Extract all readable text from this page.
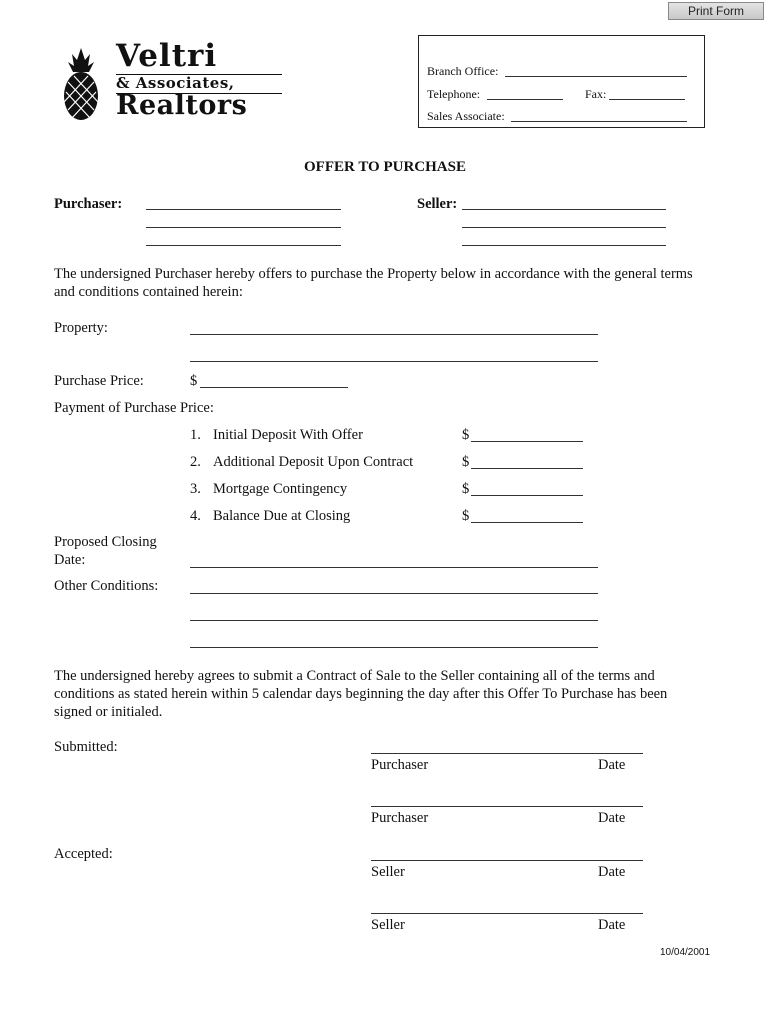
Print Form
Veltri
& Associates,
Realtors
Branch Office:
Telephone:	Fax:
Sales Associate:
OFFER TO PURCHASE
Purchaser:	Seller:
The undersigned Purchaser hereby offers to purchase the Property below in accordance with the general terms and conditions contained herein:
Property:
Purchase Price:	$
Payment of Purchase Price:
1. Initial Deposit With Offer	$
2. Additional Deposit Upon Contract	$
3. Mortgage Contingency	$
4. Balance Due at Closing	$
Proposed Closing
Date:
Other Conditions:
The undersigned hereby agrees to submit a Contract of Sale to the Seller containing all of the terms and conditions as stated herein within 5 calendar days beginning the day after this Offer To Purchase has been signed or initialed.
Submitted:
Purchaser	Date
Purchaser	Date
Accepted:
Seller	Date
Seller	Date
10/04/2001
